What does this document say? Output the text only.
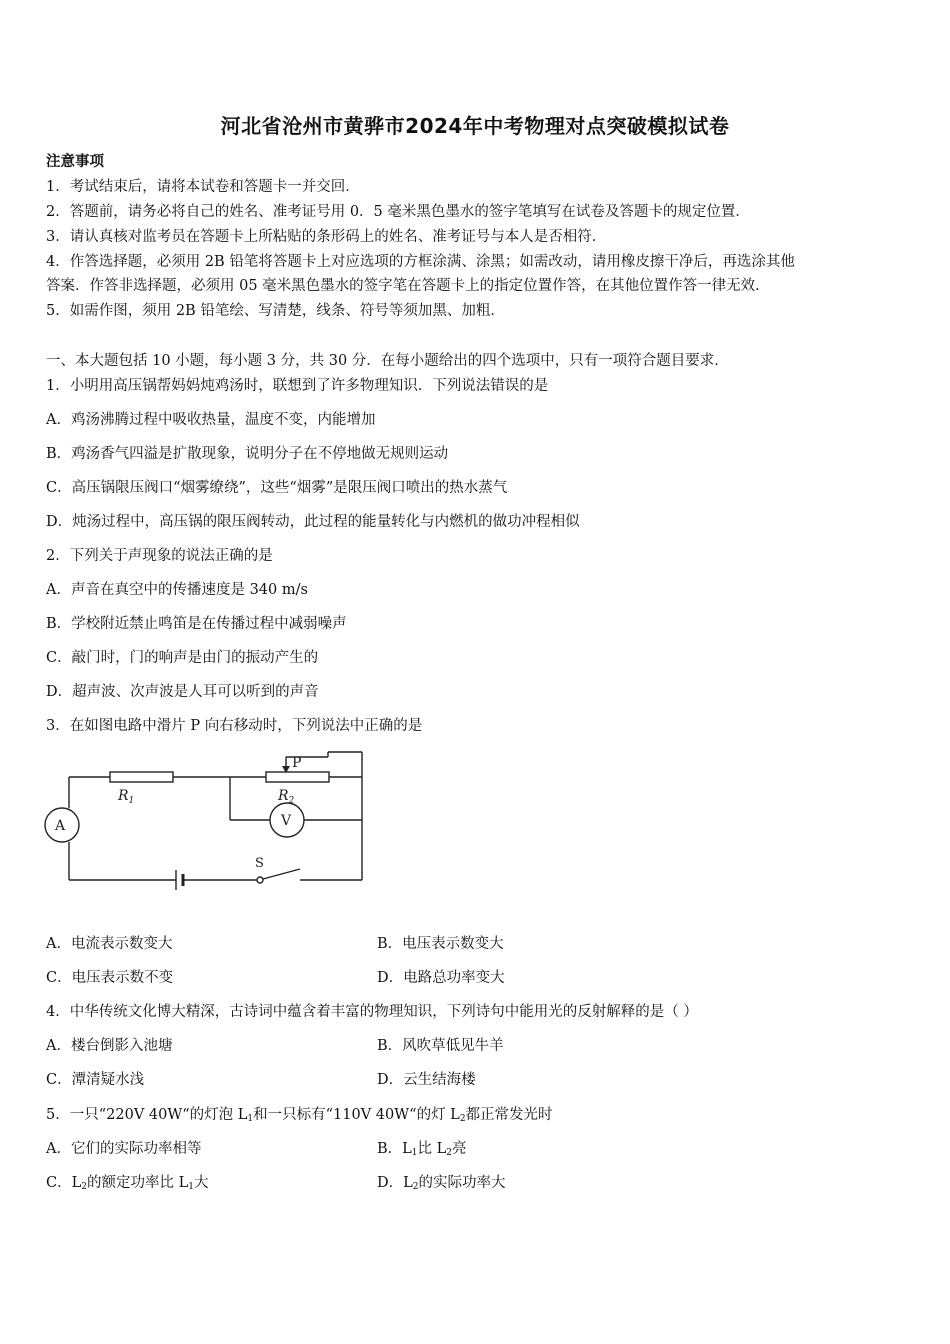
河北省沧州市黄骅市2024年中考物理对点突破模拟试卷
注意事项
1．考试结束后，请将本试卷和答题卡一并交回．
2．答题前，请务必将自己的姓名、准考证号用 0．5 毫米黑色墨水的签字笔填写在试卷及答题卡的规定位置．
3．请认真核对监考员在答题卡上所粘贴的条形码上的姓名、准考证号与本人是否相符．
4．作答选择题，必须用 2B 铅笔将答题卡上对应选项的方框涂满、涂黑；如需改动，请用橡皮擦干净后，再选涂其他
答案．作答非选择题，必须用 05 毫米黑色墨水的签字笔在答题卡上的指定位置作答，在其他位置作答一律无效．
5．如需作图，须用 2B 铅笔绘、写清楚，线条、符号等须加黑、加粗．
一、本大题包括 10 小题，每小题 3 分，共 30 分．在每小题给出的四个选项中，只有一项符合题目要求．
1．小明用高压锅帮妈妈炖鸡汤时，联想到了许多物理知识．下列说法错误的是
A．鸡汤沸腾过程中吸收热量，温度不变，内能增加
B．鸡汤香气四溢是扩散现象，说明分子在不停地做无规则运动
C．高压锅限压阀口“烟雾缭绕”，这些“烟雾”是限压阀口喷出的热水蒸气
D．炖汤过程中，高压锅的限压阀转动，此过程的能量转化与内燃机的做功冲程相似
2．下列关于声现象的说法正确的是
A．声音在真空中的传播速度是 340 m/s
B．学校附近禁止鸣笛是在传播过程中减弱噪声
C．敲门时，门的响声是由门的振动产生的
D．超声波、次声波是人耳可以听到的声音
3．在如图电路中滑片 P 向右移动时，下列说法中正确的是
P
$R_1$	$R_2$
A	V
S
A．电流表示数变大	B．电压表示数变大
C．电压表示数不变	D．电路总功率变大
4．中华传统文化博大精深，古诗词中蕴含着丰富的物理知识，下列诗句中能用光的反射解释的是（ ）
A．楼台倒影入池塘	B．风吹草低见牛羊
C．潭清疑水浅	D．云生结海楼
5．一只“220V 40W“的灯泡 $L_1$和一只标有“110V 40W“的灯 $L_2$都正常发光时
A．它们的实际功率相等	B．$L_1$比 $L_2$亮
C．$L_2$的额定功率比 $L_1$大	D．$L_2$的实际功率大
